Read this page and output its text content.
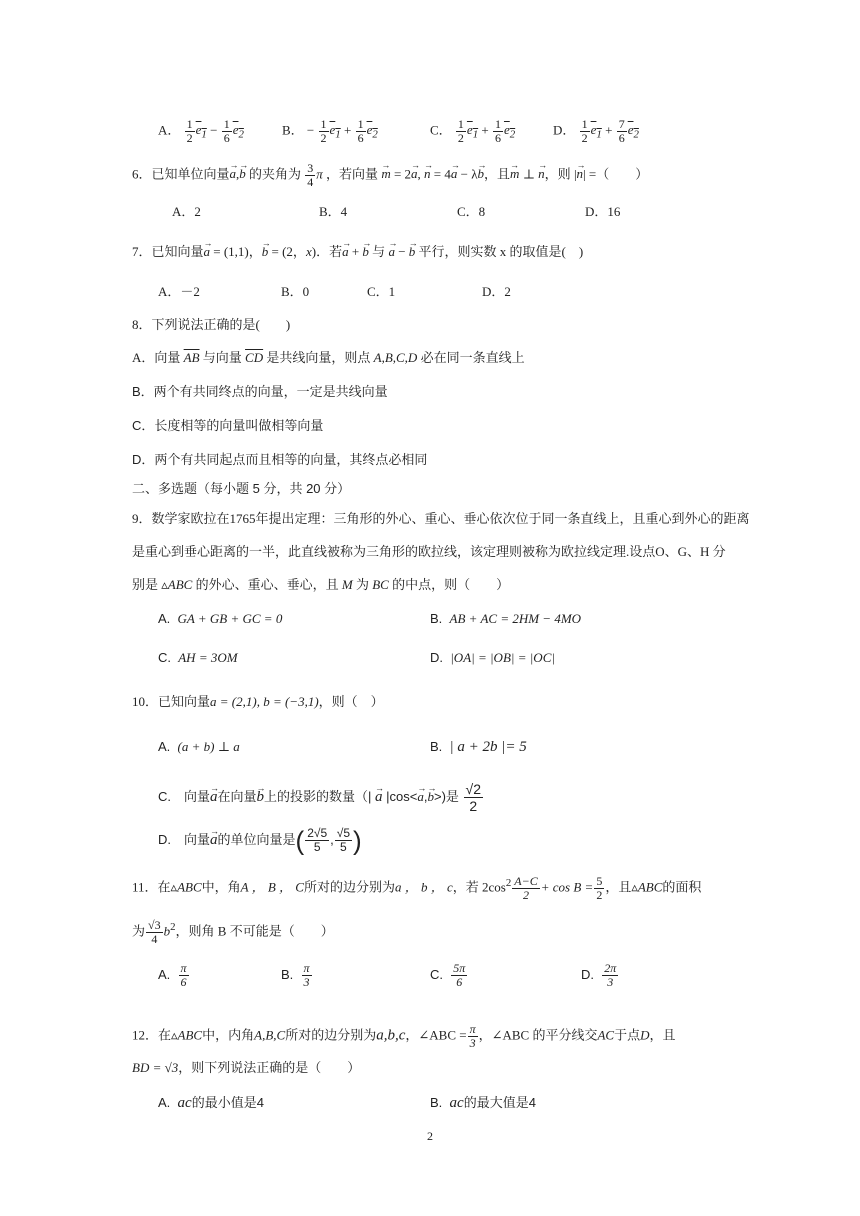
A． $\frac{1}{2} e_1 - \frac{1}{6} e_2$	B． − $\frac{1}{2} e_1 + \frac{1}{6} e_2$	C． $\frac{1}{2} e_1 + \frac{1}{6} e_2$	D． $\frac{1}{2} e_1 + \frac{7}{6} e_2$
6．已知单位向量→ a,→ b 的夹角为 $\frac{3}{4}$ π ，若向量 → m = 2→ a, → n = 4→ a − λ→ b，且→ m ⊥ → n，则 |→ n| =（　　）
A．2	B．4	C．8	D．16
7．已知向量→ a = (1,1)，→ b = (2，x)．若→ a + → b 与 → a − → b 平行，则实数 x 的取值是(　)
A．－2	B．0	C．1	D．2
8．下列说法正确的是(　　)
A．向量 $\overline{AB}$ 与向量 $\overline{CD}$ 是共线向量，则点 A,B,C,D 必在同一条直线上
B．两个有共同终点的向量，一定是共线向量
C．长度相等的向量叫做相等向量
D．两个有共同起点而且相等的向量，其终点必相同
二、多选题（每小题 5 分，共 20 分）
9．数学家欧拉在1765年提出定理：三角形的外心、重心、垂心依次位于同一条直线上，且重心到外心的距离
是重心到垂心距离的一半，此直线被称为三角形的欧拉线，该定理则被称为欧拉线定理.设点O、G、H 分
别是 ▵ABC 的外心、重心、垂心，且 M 为 BC 的中点，则（　　）
A. GA + GB + GC = 0	B. AB + AC = 2HM − 4MO
C. AH = 3OM	D. |OA| = |OB| = |OC|
10．已知向量a = (2,1), b = (−3,1)，则（　）
A. (a + b) ⊥ a	B. | a + 2b |= 5
C.　向量→ a在向量→ b上的投影的数量（| → a |cos<→ a,→ b>)是 $\frac{√2}{2}$
D.　向量→ a的单位向量是( $\frac{2√5}{5}$ , $\frac{√5}{5}$ )
11．在▵ABC中，角A ， B ， C所对的边分别为a ， b ， c，若 $2\cos^2 \frac{A-C}{2} + \cos B = \frac{5}{2}$ ，且▵ABC的面积
为 $\frac{√3}{4} b^2$，则角 B 不可能是（　　）
A. $\frac{\pi}{6}$	B. $\frac{\pi}{3}$	C. $\frac{5\pi}{6}$	D. $\frac{2\pi}{3}$
12．在▵ABC中，内角A,B,C所对的边分别为a,b,c，∠ABC = $\frac{\pi}{3}$ ，∠ABC 的平分线交AC于点D，且
BD = √3，则下列说法正确的是（　　）
A. ac的最小值是4	B. ac的最大值是4
2
